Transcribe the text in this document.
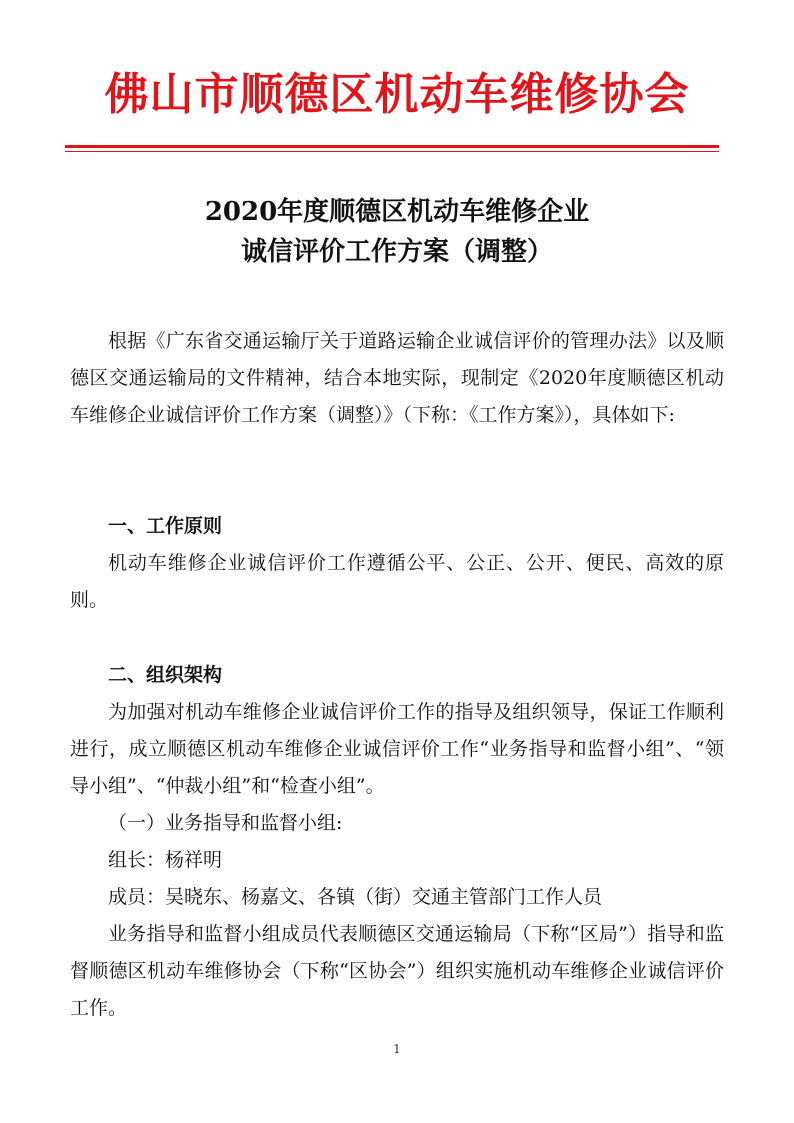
佛山市顺德区机动车维修协会
2020年度顺德区机动车维修企业
诚信评价工作方案（调整）
根据《广东省交通运输厅关于道路运输企业诚信评价的管理办法》以及顺德区交通运输局的文件精神，结合本地实际，现制定《2020年度顺德区机动车维修企业诚信评价工作方案（调整）》（下称：《工作方案》），具体如下:
一、工作原则
机动车维修企业诚信评价工作遵循公平、公正、公开、便民、高效的原则。
二、组织架构
为加强对机动车维修企业诚信评价工作的指导及组织领导，保证工作顺利进行，成立顺德区机动车维修企业诚信评价工作“业务指导和监督小组”、“领导小组”、“仲裁小组”和“检查小组”。
（一）业务指导和监督小组:
组长：杨祥明
成员：吴晓东、杨嘉文、各镇（街）交通主管部门工作人员
业务指导和监督小组成员代表顺德区交通运输局（下称“区局”）指导和监督顺德区机动车维修协会（下称“区协会”）组织实施机动车维修企业诚信评价工作。
1
